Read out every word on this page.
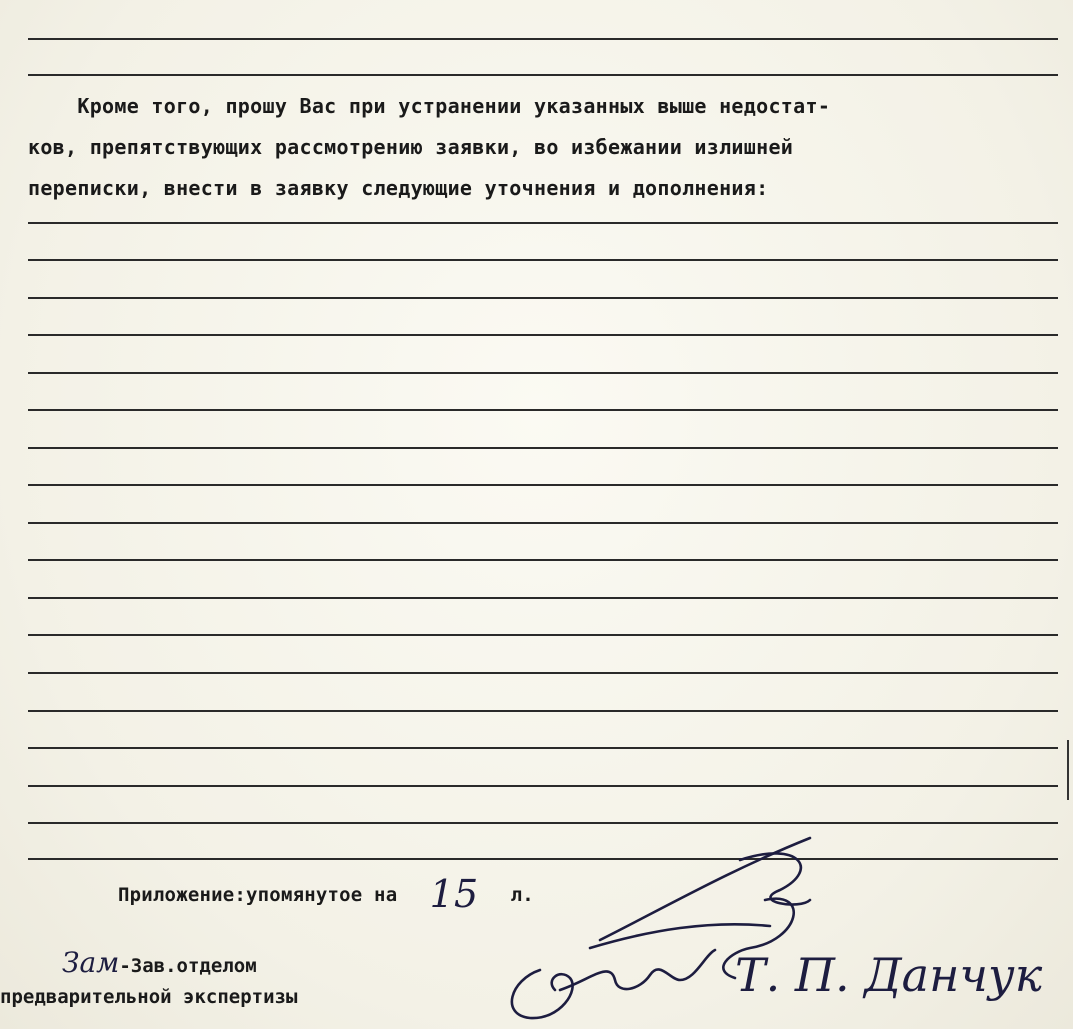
Кроме того, прошу Вас при устранении указанных выше недостат-
ков, препятствующих рассмотрению заявки, во избежании излишней
переписки, внести в заявку следующие уточнения и дополнения:
Приложение:упомянутое на 15 л.
Зам-Зав.отделом
предварительной экспертизы	Т. П. Данчук
